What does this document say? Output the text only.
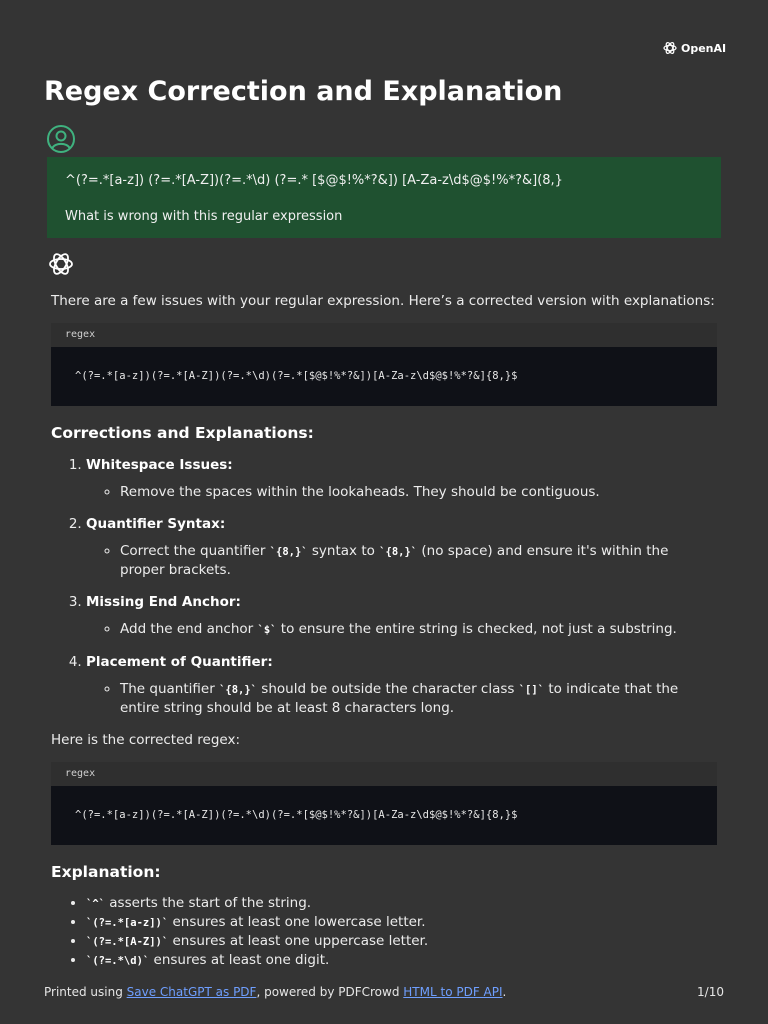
OpenAI
Regex Correction and Explanation

^(?=.*[a-z]) (?=.*[A-Z])(?=.*\d) (?=.* [$@$!%*?&]) [A-Za-z\d$@$!%*?&](8,}

What is wrong with this regular expression

There are a few issues with your regular expression. Here’s a corrected version with explanations:

regex
^(?=.*[a-z])(?=.*[A-Z])(?=.*\d)(?=.*[$@$!%*?&])[A-Za-z\d$@$!%*?&]{8,}$
Corrections and Explanations:
1. Whitespace Issues:
◦ Remove the spaces within the lookaheads. They should be contiguous.
2. Quantifier Syntax:
◦ Correct the quantifier `{8,}` syntax to `{8,}` (no space) and ensure it's within the proper brackets.
3. Missing End Anchor:
◦ Add the end anchor `$` to ensure the entire string is checked, not just a substring.
4. Placement of Quantifier:
◦ The quantifier `{8,}` should be outside the character class `[]` to indicate that the entire string should be at least 8 characters long.

Here is the corrected regex:

regex
^(?=.*[a-z])(?=.*[A-Z])(?=.*\d)(?=.*[$@$!%*?&])[A-Za-z\d$@$!%*?&]{8,}$
Explanation:
• `^` asserts the start of the string.
• `(?=.*[a-z])` ensures at least one lowercase letter.
• `(?=.*[A-Z])` ensures at least one uppercase letter.
• `(?=.*\d)` ensures at least one digit.
Printed using Save ChatGPT as PDF, powered by PDFCrowd HTML to PDF API.	1/10
